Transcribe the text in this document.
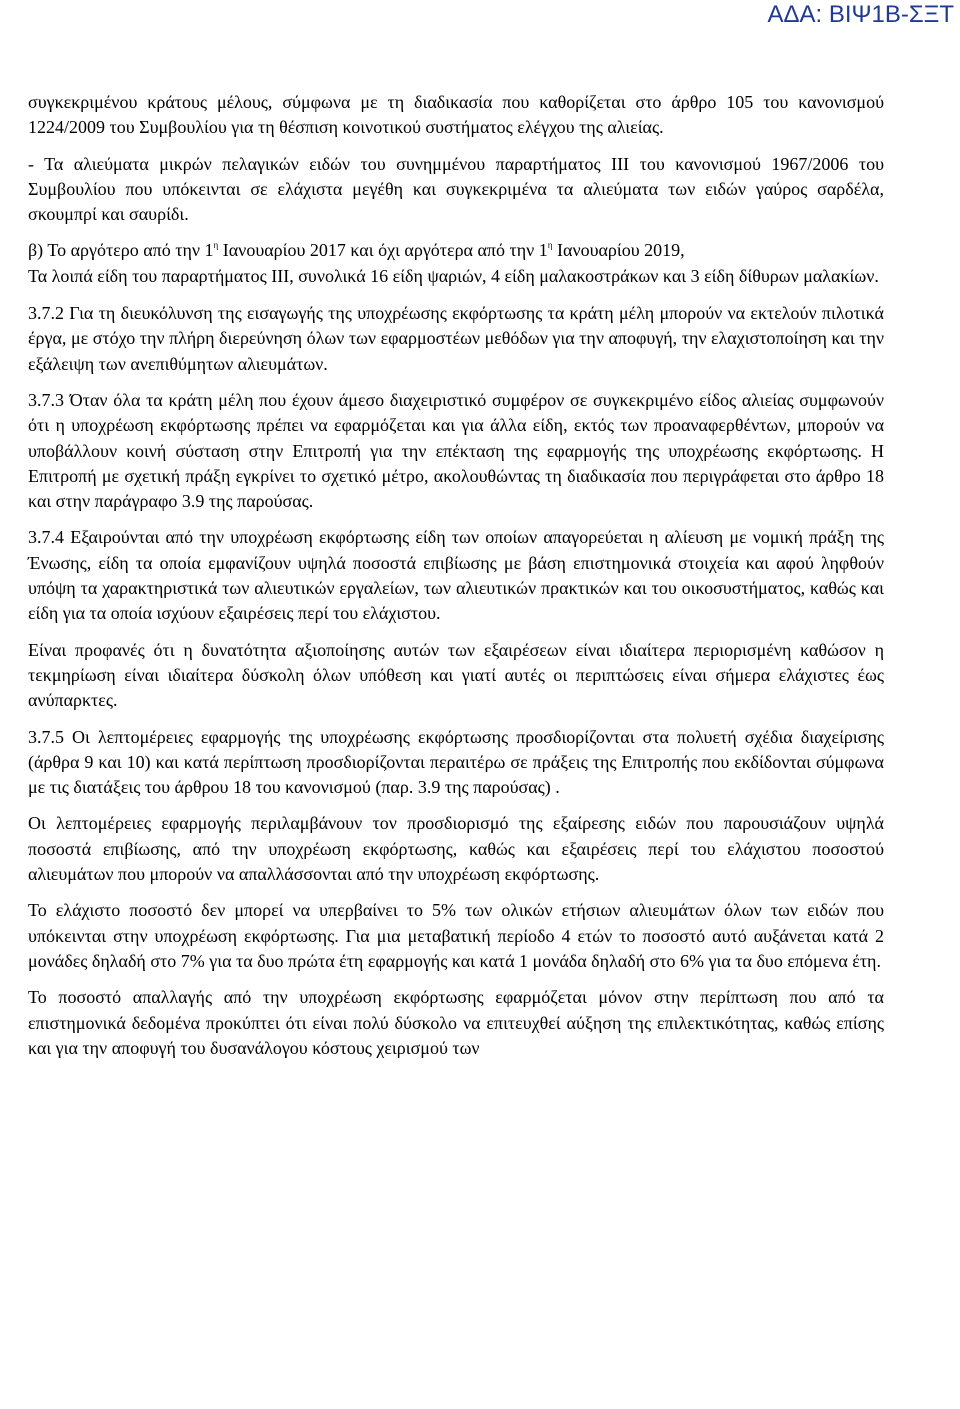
ΑΔΑ: ΒΙΨ1Β-ΣΞΤ

συγκεκριμένου κράτους μέλους, σύμφωνα με τη διαδικασία που καθορίζεται στο άρθρο 105 του κανονισμού 1224/2009 του Συμβουλίου για τη θέσπιση κοινοτικού συστήματος ελέγχου της αλιείας.

- Τα αλιεύματα μικρών πελαγικών ειδών του συνημμένου παραρτήματος ΙΙΙ του κανονισμού 1967/2006 του Συμβουλίου που υπόκεινται σε ελάχιστα μεγέθη και συγκεκριμένα τα αλιεύματα των ειδών γαύρος σαρδέλα, σκουμπρί και σαυρίδι.

β) Το αργότερο από την $1^\eta$ Ιανουαρίου 2017 και όχι αργότερα από την $1^\eta$ Ιανουαρίου 2019,

Τα λοιπά είδη του παραρτήματος ΙΙΙ, συνολικά 16 είδη ψαριών, 4 είδη μαλακοστράκων και 3 είδη δίθυρων μαλακίων.

3.7.2 Για τη διευκόλυνση της εισαγωγής της υποχρέωσης εκφόρτωσης τα κράτη μέλη μπορούν να εκτελούν πιλοτικά έργα, με στόχο την πλήρη διερεύνηση όλων των εφαρμοστέων μεθόδων για την αποφυγή, την ελαχιστοποίηση και την εξάλειψη των ανεπιθύμητων αλιευμάτων.

3.7.3 Όταν όλα τα κράτη μέλη που έχουν άμεσο διαχειριστικό συμφέρον σε συγκεκριμένο είδος αλιείας συμφωνούν ότι η υποχρέωση εκφόρτωσης πρέπει να εφαρμόζεται και για άλλα είδη, εκτός των προαναφερθέντων, μπορούν να υποβάλλουν κοινή σύσταση στην Επιτροπή για την επέκταση της εφαρμογής της υποχρέωσης εκφόρτωσης. Η Επιτροπή με σχετική πράξη εγκρίνει το σχετικό μέτρο, ακολουθώντας τη διαδικασία που περιγράφεται στο άρθρο 18 και στην παράγραφο 3.9 της παρούσας.

3.7.4 Εξαιρούνται από την υποχρέωση εκφόρτωσης είδη των οποίων απαγορεύεται η αλίευση με νομική πράξη της Ένωσης, είδη τα οποία εμφανίζουν υψηλά ποσοστά επιβίωσης με βάση επιστημονικά στοιχεία και αφού ληφθούν υπόψη τα χαρακτηριστικά των αλιευτικών εργαλείων, των αλιευτικών πρακτικών και του οικοσυστήματος, καθώς και είδη για τα οποία ισχύουν εξαιρέσεις περί του ελάχιστου.

Είναι προφανές ότι η δυνατότητα αξιοποίησης αυτών των εξαιρέσεων είναι ιδιαίτερα περιορισμένη καθώσον η τεκμηρίωση είναι ιδιαίτερα δύσκολη όλων υπόθεση και γιατί αυτές οι περιπτώσεις είναι σήμερα ελάχιστες έως ανύπαρκτες.

3.7.5 Οι λεπτομέρειες εφαρμογής της υποχρέωσης εκφόρτωσης προσδιορίζονται στα πολυετή σχέδια διαχείρισης (άρθρα 9 και 10) και κατά περίπτωση προσδιορίζονται περαιτέρω σε πράξεις της Επιτροπής που εκδίδονται σύμφωνα με τις διατάξεις του άρθρου 18 του κανονισμού (παρ. 3.9 της παρούσας) .

Οι λεπτομέρειες εφαρμογής περιλαμβάνουν τον προσδιορισμό της εξαίρεσης ειδών που παρουσιάζουν υψηλά ποσοστά επιβίωσης, από την υποχρέωση εκφόρτωσης, καθώς και εξαιρέσεις περί του ελάχιστου ποσοστού αλιευμάτων που μπορούν να απαλλάσσονται από την υποχρέωση εκφόρτωσης.

Το ελάχιστο ποσοστό δεν μπορεί να υπερβαίνει το 5% των ολικών ετήσιων αλιευμάτων όλων των ειδών που υπόκεινται στην υποχρέωση εκφόρτωσης. Για μια μεταβατική περίοδο 4 ετών το ποσοστό αυτό αυξάνεται κατά 2 μονάδες δηλαδή στο 7% για τα δυο πρώτα έτη εφαρμογής και κατά 1 μονάδα δηλαδή στο 6% για τα δυο επόμενα έτη.

Το ποσοστό απαλλαγής από την υποχρέωση εκφόρτωσης εφαρμόζεται μόνον στην περίπτωση που από τα επιστημονικά δεδομένα προκύπτει ότι είναι πολύ δύσκολο να επιτευχθεί αύξηση της επιλεκτικότητας, καθώς επίσης και για την αποφυγή του δυσανάλογου κόστους χειρισμού των
